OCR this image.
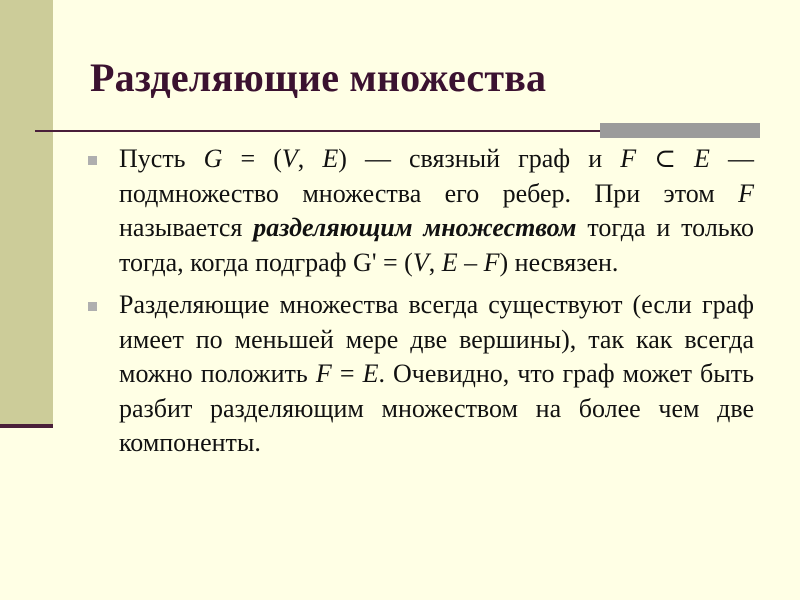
Разделяющие множества
Пусть G = (V, E) — связный граф и F ⊂ E — подмножество множества его ребер. При этом F называется разделяющим множеством тогда и только тогда, когда подграф G' = (V, E – F) несвязен.
Разделяющие множества всегда существуют (если граф имеет по меньшей мере две вершины), так как всегда можно положить F = E. Очевидно, что граф может быть разбит разделяющим множеством на более чем две компоненты.
